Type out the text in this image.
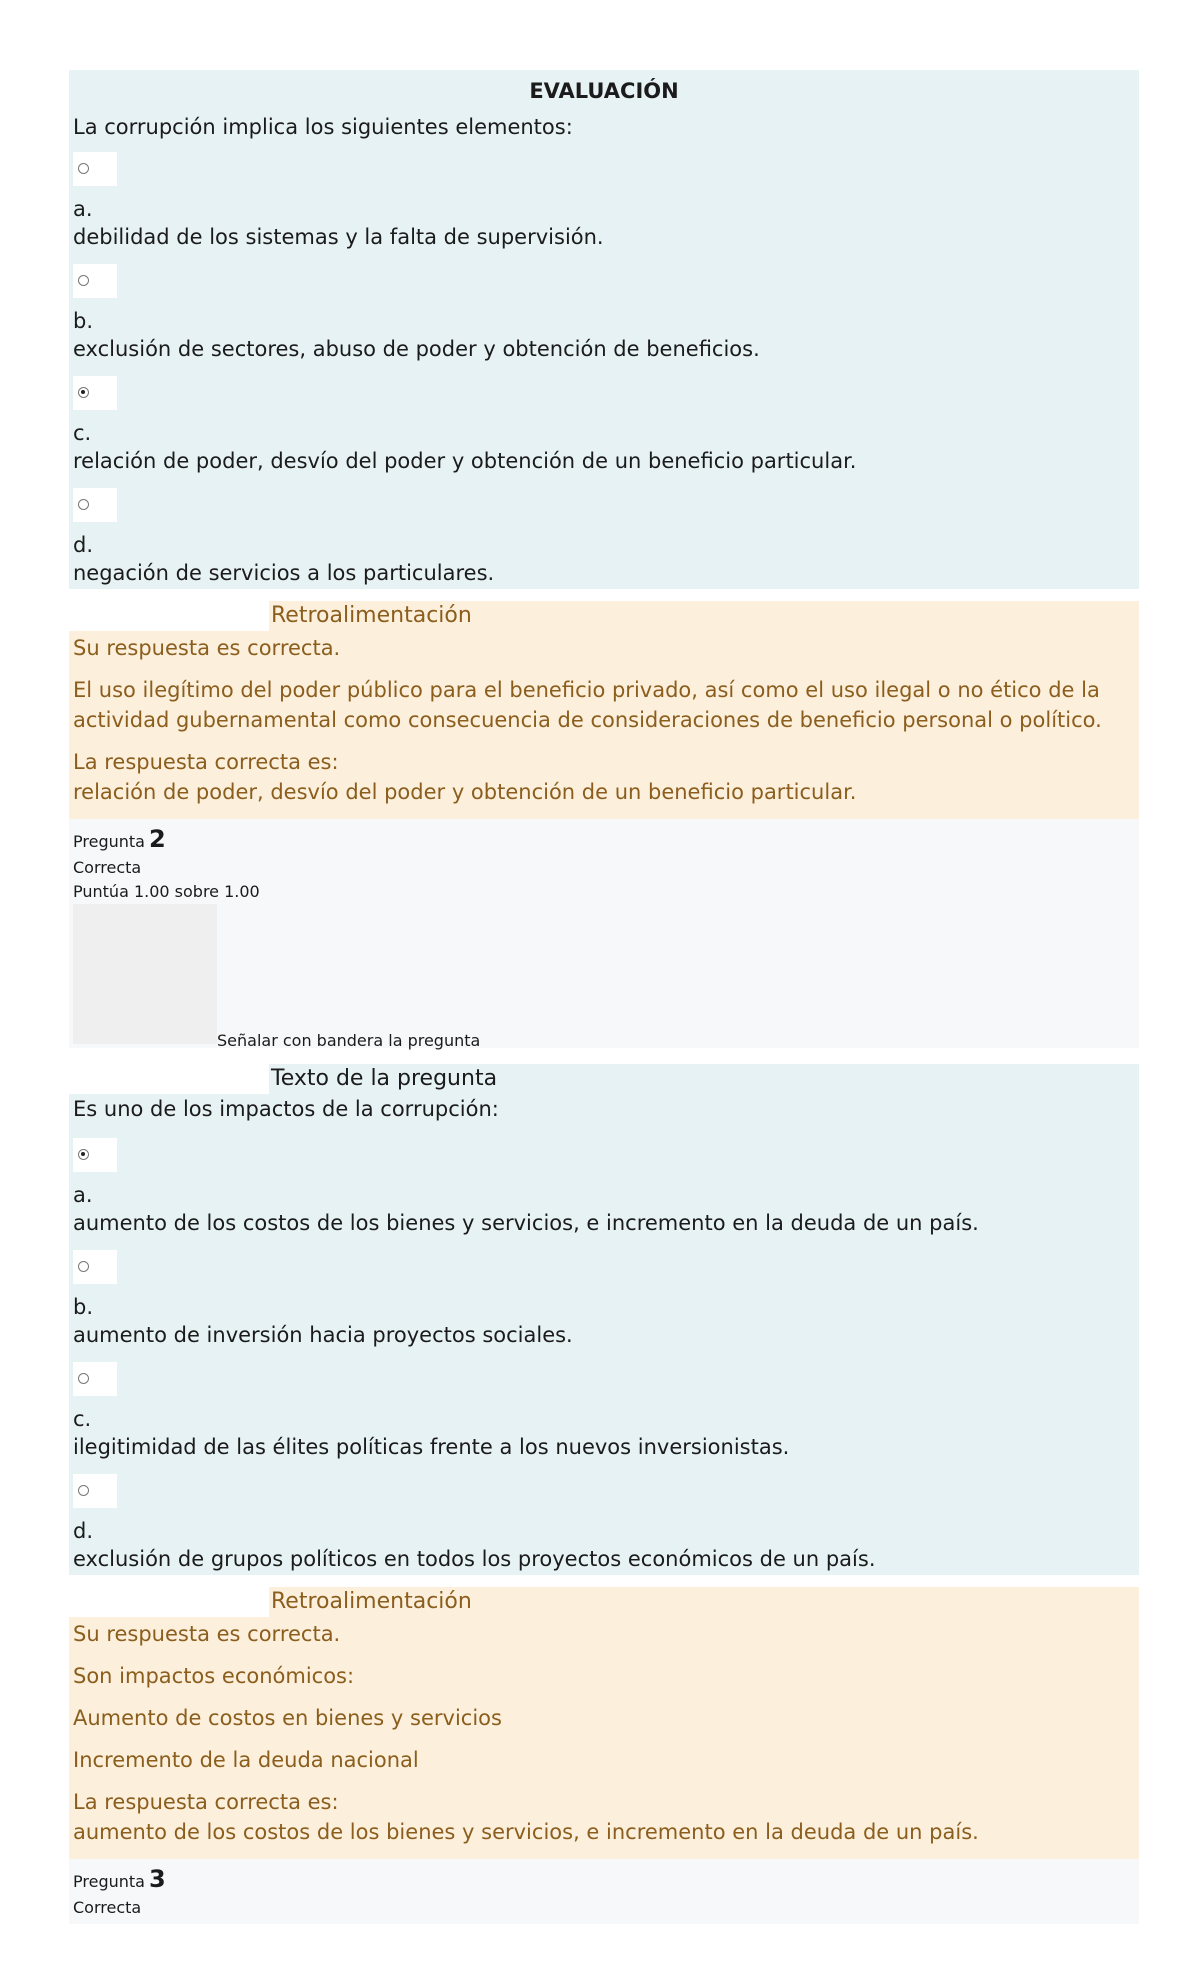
EVALUACIÓN
La corrupción implica los siguientes elementos:
a.
debilidad de los sistemas y la falta de supervisión.
b.
exclusión de sectores, abuso de poder y obtención de beneficios.
c.
relación de poder, desvío del poder y obtención de un beneficio particular.
d.
negación de servicios a los particulares.
Retroalimentación
Su respuesta es correcta.
El uso ilegítimo del poder público para el beneficio privado, así como el uso ilegal o no ético de la actividad gubernamental como consecuencia de consideraciones de beneficio personal o político.
La respuesta correcta es:
relación de poder, desvío del poder y obtención de un beneficio particular.
Pregunta 2
Correcta
Puntúa 1.00 sobre 1.00
Señalar con bandera la pregunta
Texto de la pregunta
Es uno de los impactos de la corrupción:
a.
aumento de los costos de los bienes y servicios, e incremento en la deuda de un país.
b.
aumento de inversión hacia proyectos sociales.
c.
ilegitimidad de las élites políticas frente a los nuevos inversionistas.
d.
exclusión de grupos políticos en todos los proyectos económicos de un país.
Retroalimentación
Su respuesta es correcta.
Son impactos económicos:
Aumento de costos en bienes y servicios
Incremento de la deuda nacional
La respuesta correcta es:
aumento de los costos de los bienes y servicios, e incremento en la deuda de un país.
Pregunta 3
Correcta
